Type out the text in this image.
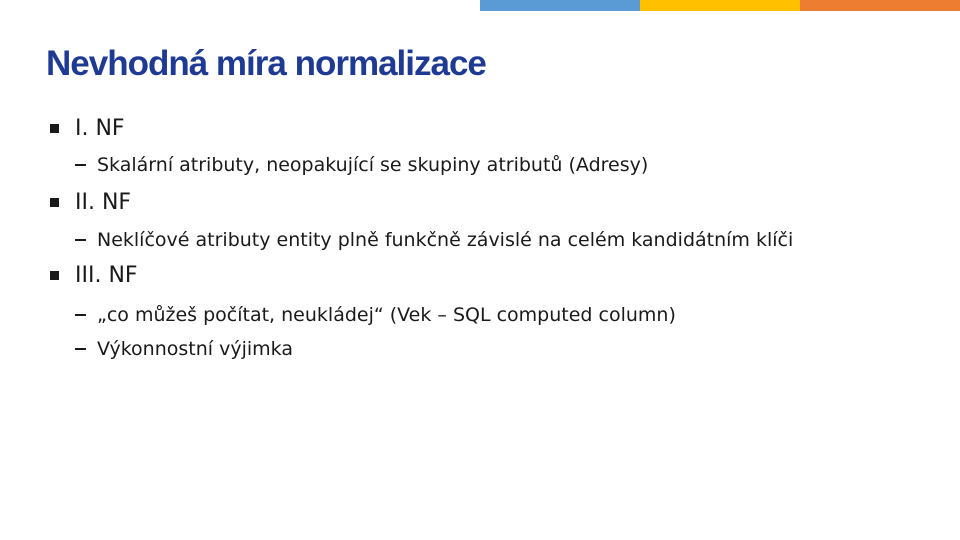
Nevhodná míra normalizace
I. NF
Skalární atributy, neopakující se skupiny atributů (Adresy)
II. NF
Neklíčové atributy entity plně funkčně závislé na celém kandidátním klíči
III. NF
„co můžeš počítat, neukládej“ (Vek – SQL computed column)
Výkonnostní výjimka
